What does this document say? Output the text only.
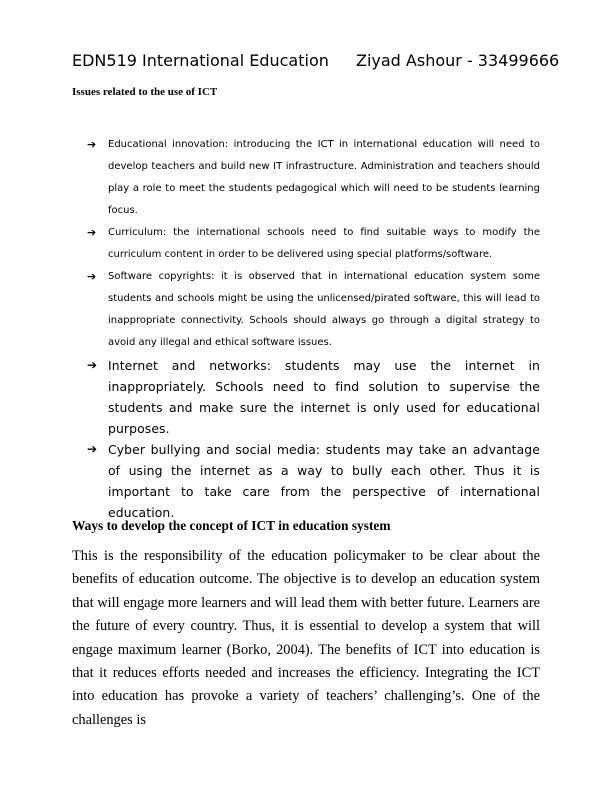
EDN519 International Education Ziyad Ashour - 33499666
Issues related to the use of ICT
➔ Educational innovation: introducing the ICT in international education will need to develop teachers and build new IT infrastructure. Administration and teachers should play a role to meet the students pedagogical which will need to be students learning focus.
➔ Curriculum: the international schools need to find suitable ways to modify the curriculum content in order to be delivered using special platforms/software.
➔ Software copyrights: it is observed that in international education system some students and schools might be using the unlicensed/pirated software, this will lead to inappropriate connectivity. Schools should always go through a digital strategy to avoid any illegal and ethical software issues.
➔ Internet and networks: students may use the internet in inappropriately. Schools need to find solution to supervise the students and make sure the internet is only used for educational purposes.
➔ Cyber bullying and social media: students may take an advantage of using the internet as a way to bully each other. Thus it is important to take care from the perspective of international education.
Ways to develop the concept of ICT in education system

This is the responsibility of the education policymaker to be clear about the benefits of education outcome. The objective is to develop an education system that will engage more learners and will lead them with better future. Learners are the future of every country. Thus, it is essential to develop a system that will engage maximum learner (Borko, 2004). The benefits of ICT into education is that it reduces efforts needed and increases the efficiency. Integrating the ICT into education has provoke a variety of teachers’ challenging’s. One of the challenges is
